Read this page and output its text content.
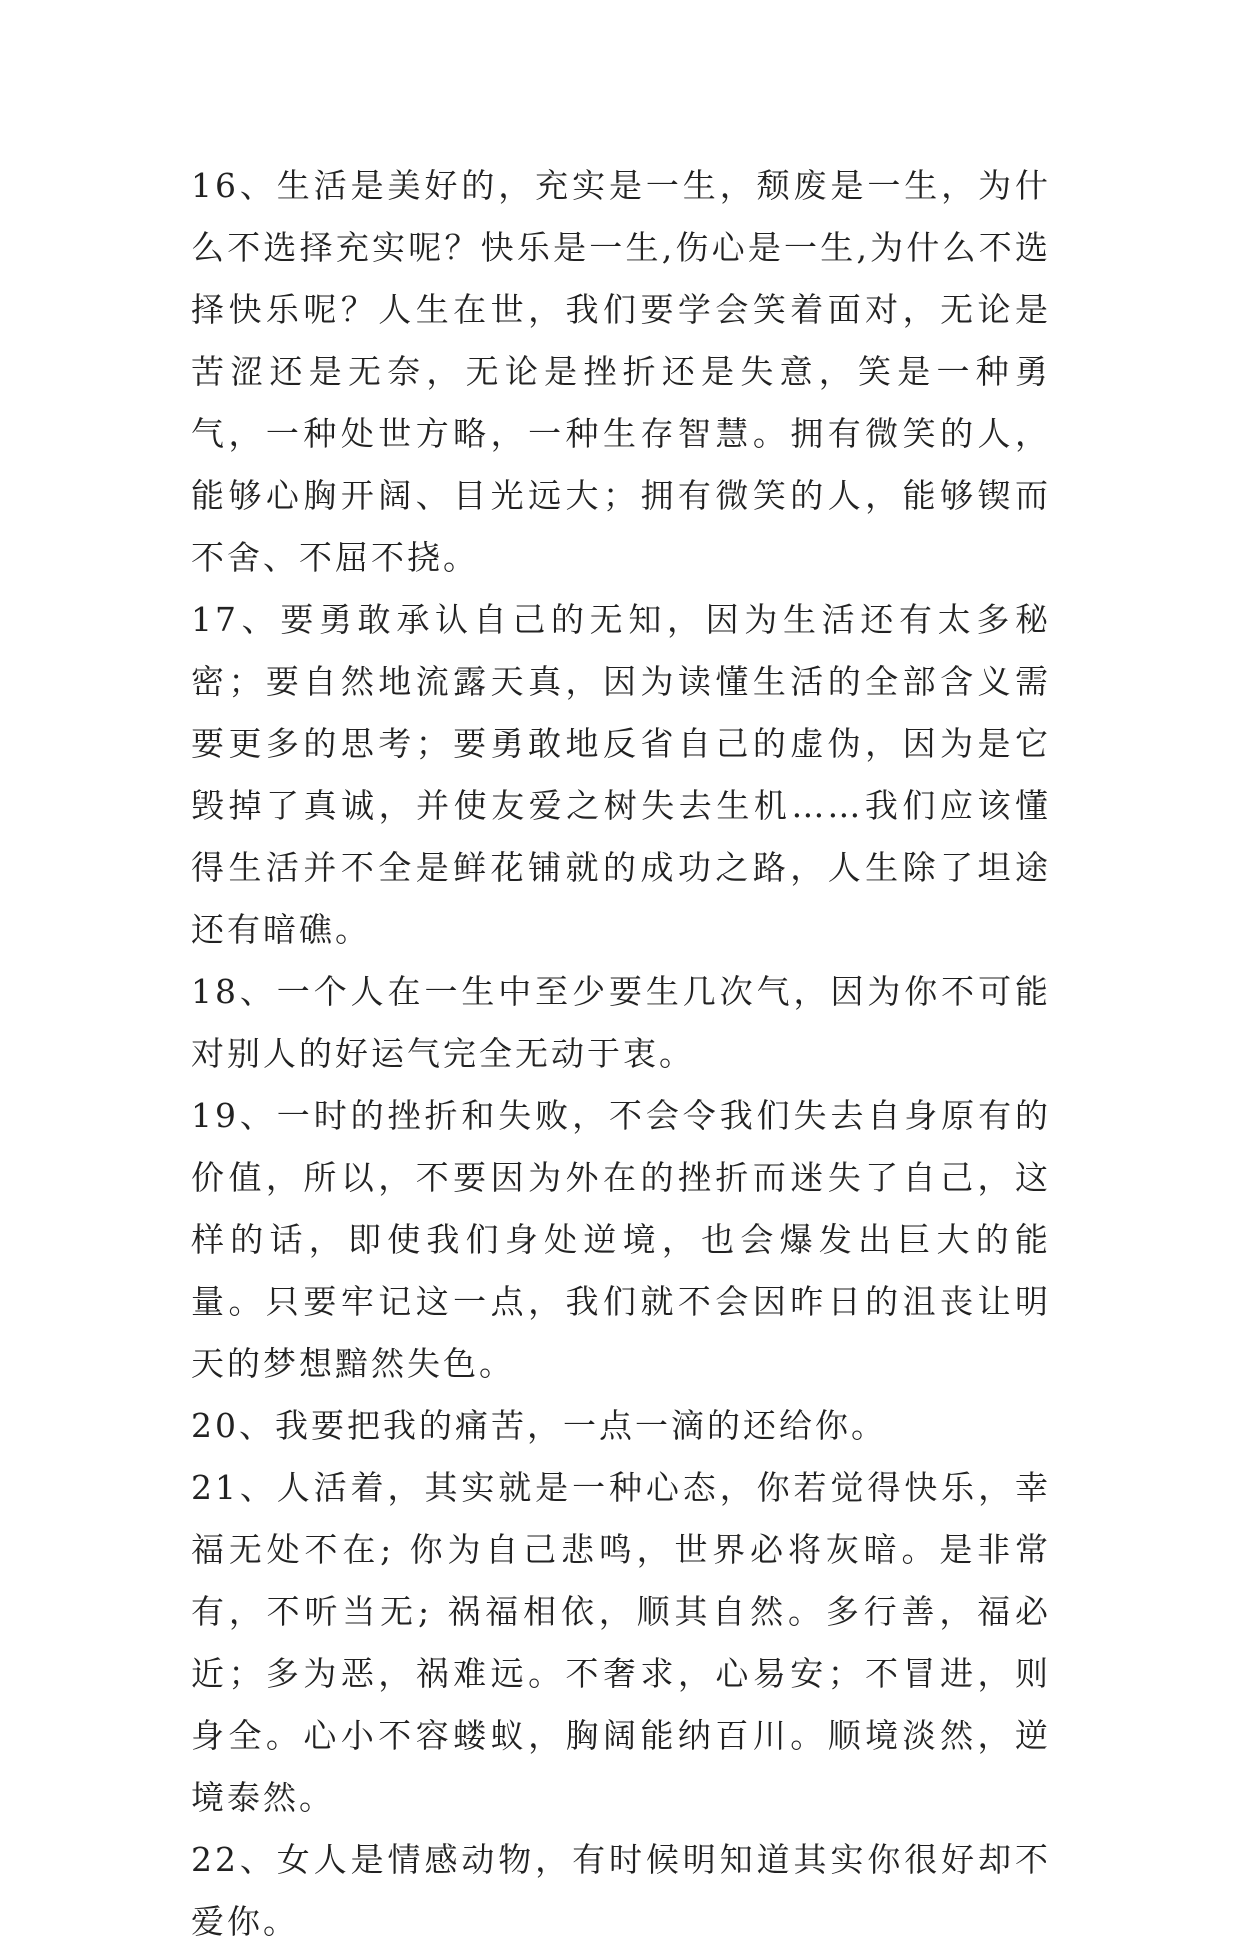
16、生活是美好的，充实是一生，颓废是一生，为什么不选择充实呢？快乐是一生,伤心是一生,为什么不选择快乐呢？人生在世，我们要学会笑着面对，无论是苦涩还是无奈，无论是挫折还是失意，笑是一种勇气，一种处世方略，一种生存智慧。拥有微笑的人，能够心胸开阔、目光远大；拥有微笑的人，能够锲而不舍、不屈不挠。

17、要勇敢承认自己的无知，因为生活还有太多秘密；要自然地流露天真，因为读懂生活的全部含义需要更多的思考；要勇敢地反省自己的虚伪，因为是它毁掉了真诚，并使友爱之树失去生机……我们应该懂得生活并不全是鲜花铺就的成功之路，人生除了坦途还有暗礁。

18、一个人在一生中至少要生几次气，因为你不可能对别人的好运气完全无动于衷。

19、一时的挫折和失败，不会令我们失去自身原有的价值，所以，不要因为外在的挫折而迷失了自己，这样的话，即使我们身处逆境，也会爆发出巨大的能量。只要牢记这一点，我们就不会因昨日的沮丧让明天的梦想黯然失色。

20、我要把我的痛苦，一点一滴的还给你。

21、人活着，其实就是一种心态，你若觉得快乐，幸福无处不在; 你为自己悲鸣，世界必将灰暗。是非常有，不听当无; 祸福相依，顺其自然。多行善，福必近；多为恶，祸难远。不奢求，心易安；不冒进，则身全。心小不容蝼蚁，胸阔能纳百川。顺境淡然，逆境泰然。

22、女人是情感动物，有时候明知道其实你很好却不爱你。
